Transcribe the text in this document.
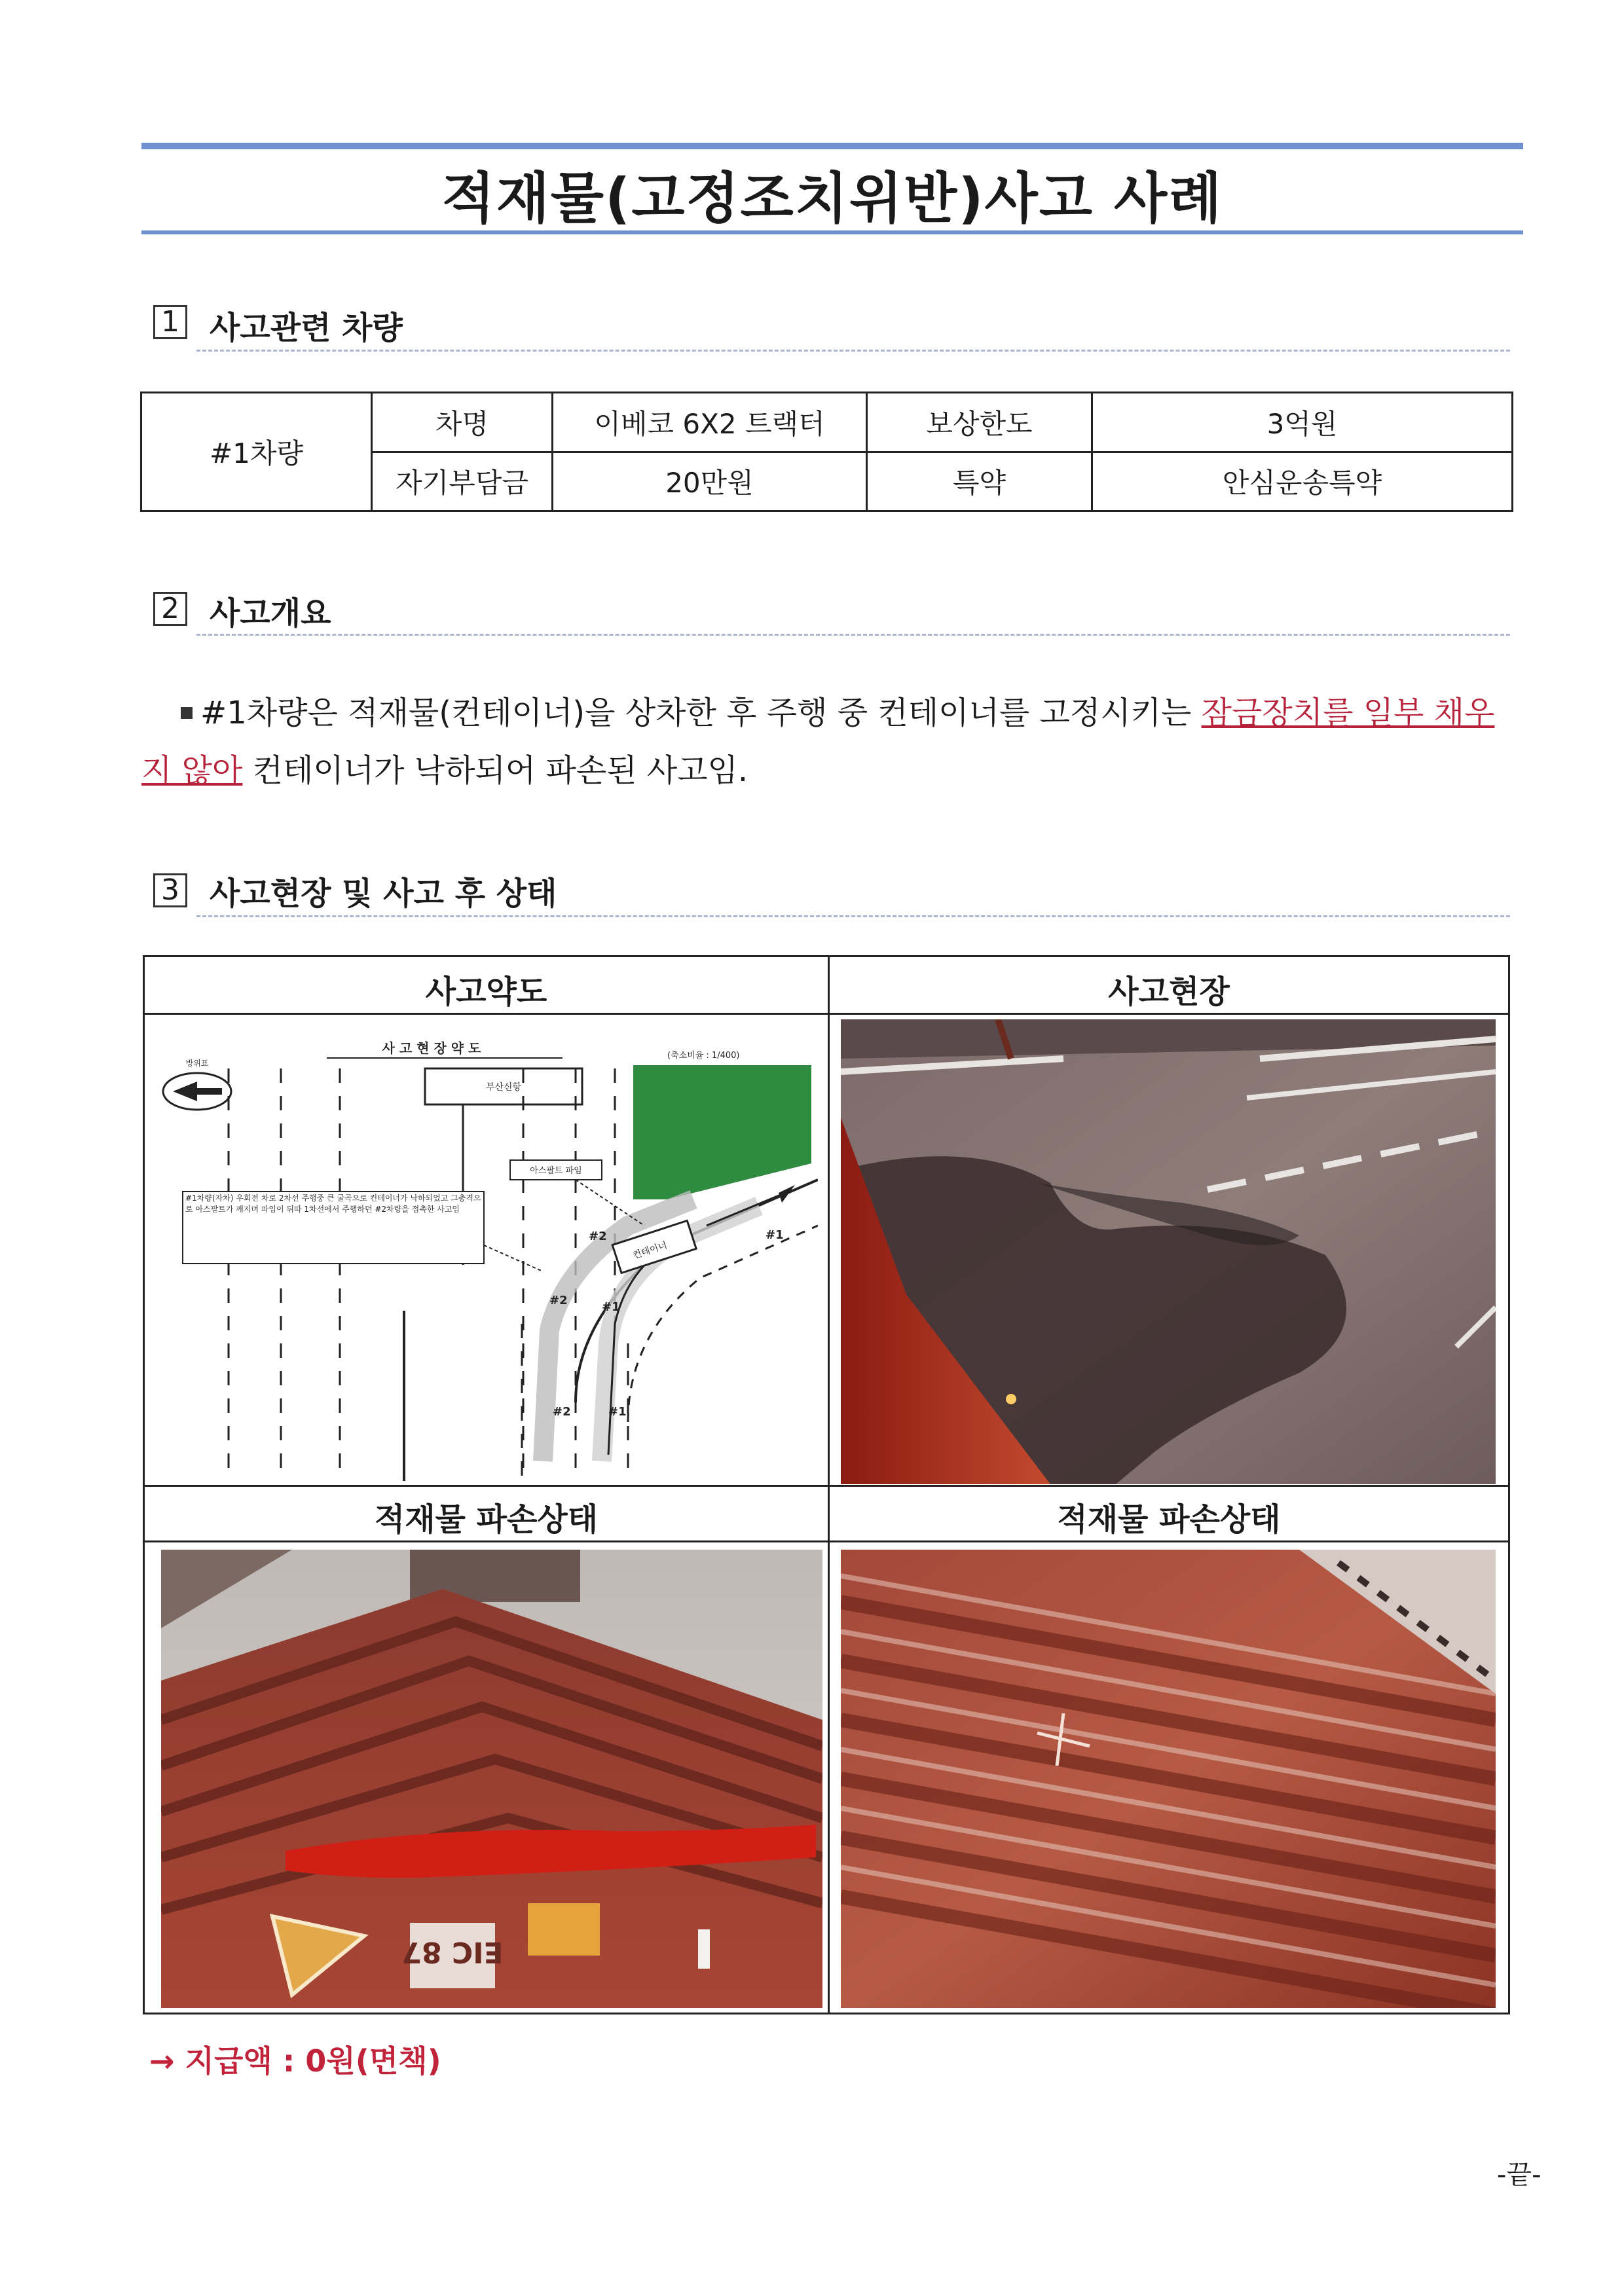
적재물(고정조치위반)사고 사례
1 사고관련 차량
#1차량	차명	이베코 6X2 트랙터	보상한도	3억원
	자기부담금	20만원	특약	안심운송특약
2 사고개요
#1차량은 적재물(컨테이너)을 상차한 후 주행 중 컨테이너를 고정시키는 잠금장치를 일부 채우
지 않아 컨테이너가 낙하되어 파손된 사고임.
3 사고현장 및 사고 후 상태
사고약도	사고현장
적재물 파손상태	적재물 파손상태
사 고 현 장 약 도	(축소비율 : 1/400)
방위표
부산신항
#2	#1
#2	#1
#2	#1
컨테이너
아스팔트 파임
#1차량(자차) 우회전 차로 2차선 주행중 큰 굴곡으로 컨테이너가 낙하되었고 그충격으로 아스팔트가 깨지며 파임이 뒤따 1차선에서 주행하던 #2차량을 접촉한 사고임
EIC 87
→ 지급액 : 0원(면책)
-끝-
